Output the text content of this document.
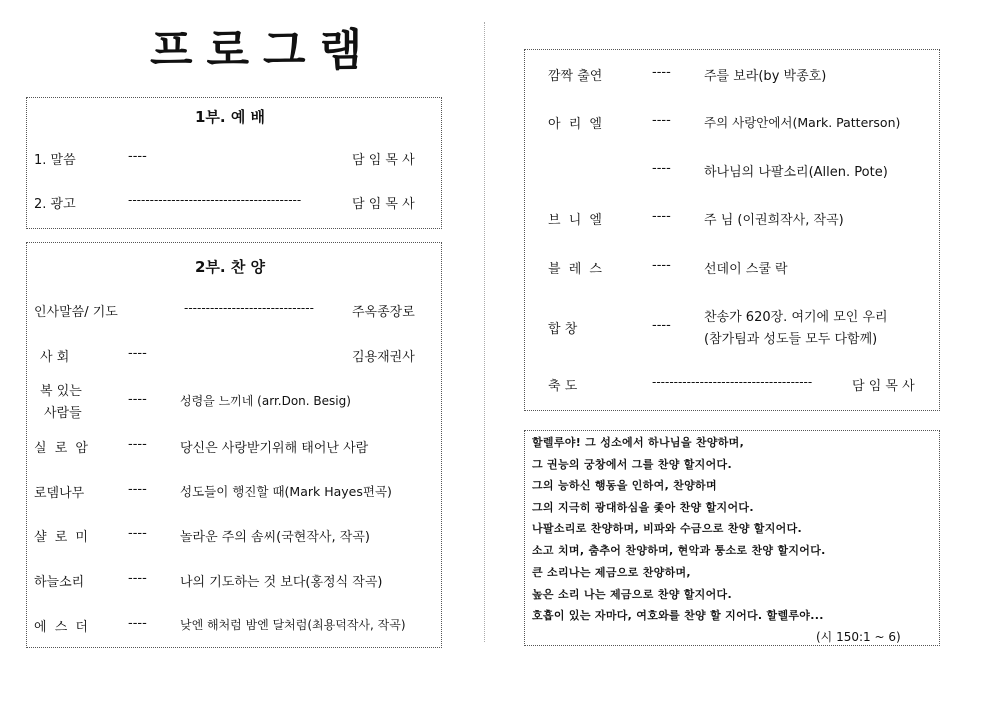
프로그램
1부. 예 배
1. 말씀	----	담 임 목 사
2. 광고	----------------------------------------	담 임 목 사
2부. 찬 양
인사말씀/ 기도	------------------------------	주옥종장로
사 회	----	김용재권사
복 있는
사람들
----	성령을 느끼네 (arr.Don. Besig)
실 로 암	----	당신은 사랑받기위해 태어난 사람
로뎀나무	----	성도들이 행진할 때(Mark Hayes편곡)
샬 로 미	----	놀라운 주의 솜씨(국현작사, 작곡)
하늘소리	----	나의 기도하는 것 보다(홍정식 작곡)
에 스 더	----	낮엔 해처럼 밤엔 달처럼(최용덕작사, 작곡)
깜짝 출연	----	주를 보라(by 박종호)
아 리 엘	----	주의 사랑안에서(Mark. Patterson)
----	하나님의 나팔소리(Allen. Pote)
브 니 엘	----	주 님 (이권희작사, 작곡)
블 레 스	----	선데이 스쿨 락
합 창	----
찬송가 620장. 여기에 모인 우리
(참가팀과 성도들 모두 다함께)
축 도	-------------------------------------	담 임 목 사
할렐루야! 그 성소에서 하나님을 찬양하며,
그 권능의 궁창에서 그를 찬양 할지어다.
그의 능하신 행동을 인하여, 찬양하며
그의 지극히 광대하심을 좇아 찬양 할지어다.
나팔소리로 찬양하며, 비파와 수금으로 찬양 할지어다.
소고 치며, 춤추어 찬양하며, 현악과 퉁소로 찬양 할지어다.
큰 소리나는 제금으로 찬양하며,
높은 소리 나는 제금으로 찬양 할지어다.
호흡이 있는 자마다, 여호와를 찬양 할 지어다. 할렐루야...
(시 150:1 ~ 6)
